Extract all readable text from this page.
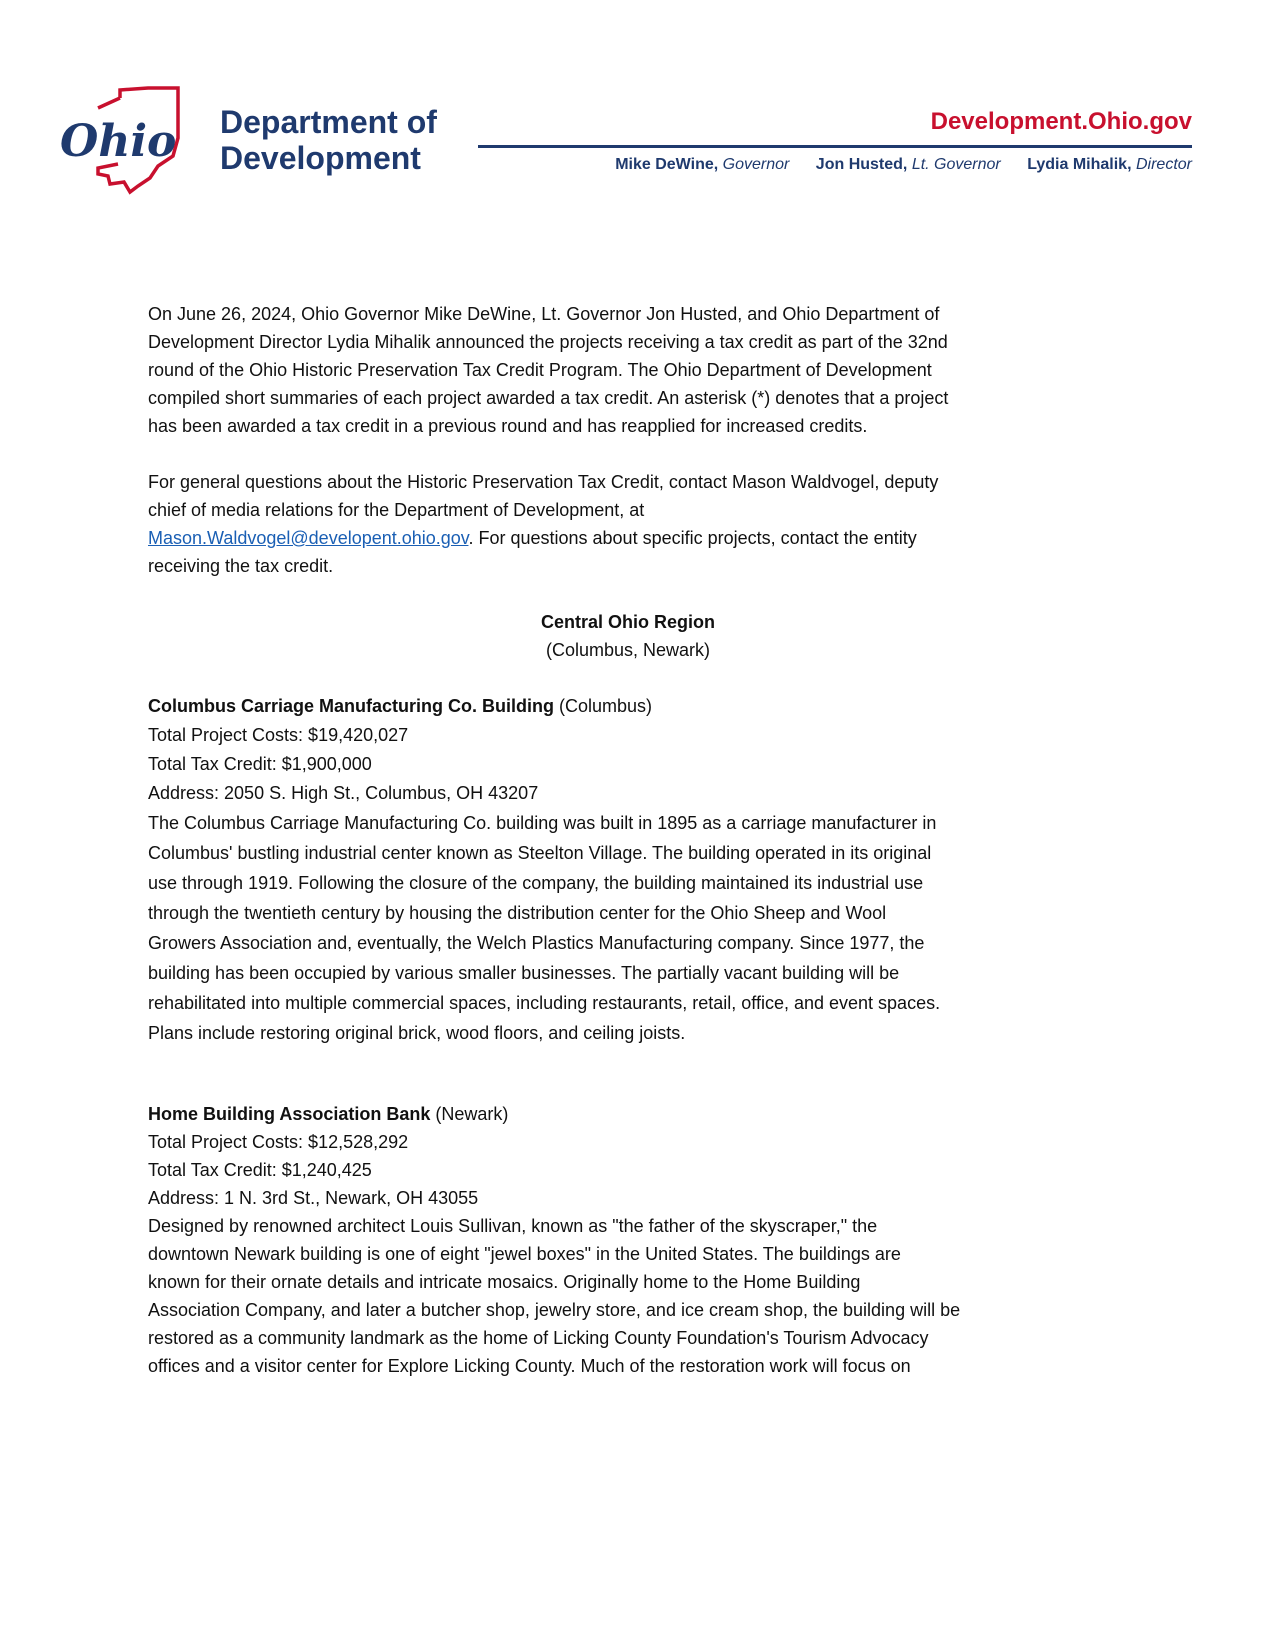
Ohio Department of
Development
Development.Ohio.gov
Mike DeWine, Governor Jon Husted, Lt. Governor Lydia Mihalik, Director
On June 26, 2024, Ohio Governor Mike DeWine, Lt. Governor Jon Husted, and Ohio Department of
Development Director Lydia Mihalik announced the projects receiving a tax credit as part of the 32nd
round of the Ohio Historic Preservation Tax Credit Program. The Ohio Department of Development
compiled short summaries of each project awarded a tax credit. An asterisk (*) denotes that a project
has been awarded a tax credit in a previous round and has reapplied for increased credits.
For general questions about the Historic Preservation Tax Credit, contact Mason Waldvogel, deputy
chief of media relations for the Department of Development, at
Mason.Waldvogel@developent.ohio.gov. For questions about specific projects, contact the entity
receiving the tax credit.
Central Ohio Region
(Columbus, Newark)
Columbus Carriage Manufacturing Co. Building (Columbus)
Total Project Costs: $19,420,027
Total Tax Credit: $1,900,000
Address: 2050 S. High St., Columbus, OH 43207
The Columbus Carriage Manufacturing Co. building was built in 1895 as a carriage manufacturer in
Columbus' bustling industrial center known as Steelton Village. The building operated in its original
use through 1919. Following the closure of the company, the building maintained its industrial use
through the twentieth century by housing the distribution center for the Ohio Sheep and Wool
Growers Association and, eventually, the Welch Plastics Manufacturing company. Since 1977, the
building has been occupied by various smaller businesses. The partially vacant building will be
rehabilitated into multiple commercial spaces, including restaurants, retail, office, and event spaces.
Plans include restoring original brick, wood floors, and ceiling joists.
Home Building Association Bank (Newark)
Total Project Costs: $12,528,292
Total Tax Credit: $1,240,425
Address: 1 N. 3rd St., Newark, OH 43055
Designed by renowned architect Louis Sullivan, known as "the father of the skyscraper," the
downtown Newark building is one of eight "jewel boxes" in the United States. The buildings are
known for their ornate details and intricate mosaics. Originally home to the Home Building
Association Company, and later a butcher shop, jewelry store, and ice cream shop, the building will be
restored as a community landmark as the home of Licking County Foundation's Tourism Advocacy
offices and a visitor center for Explore Licking County. Much of the restoration work will focus on
